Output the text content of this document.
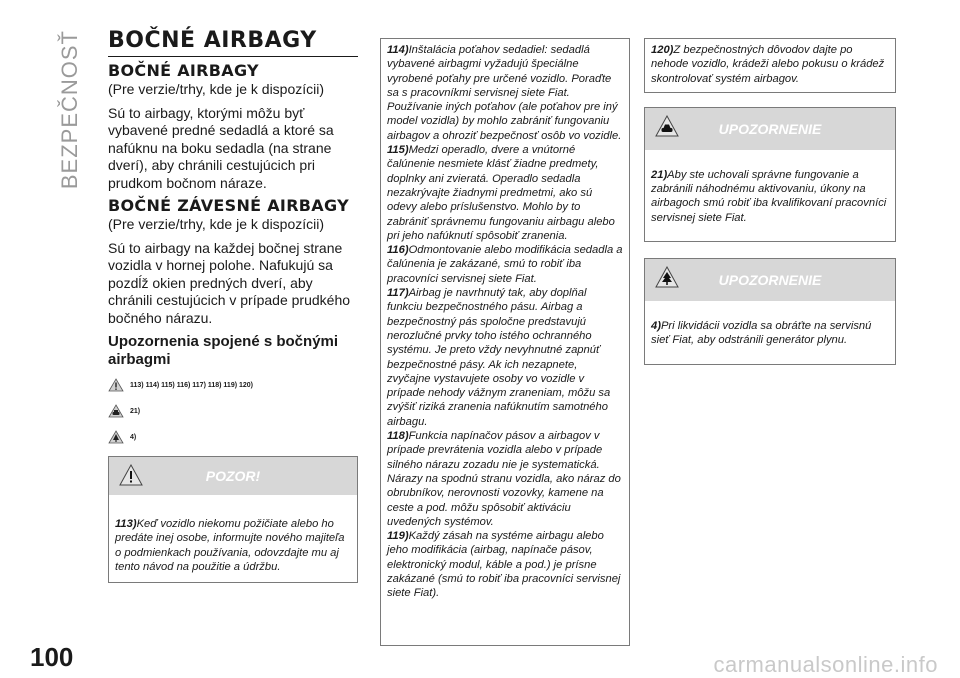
BEZPEČNOSŤ BOČNÉ AIRBAGY
BOČNÉ AIRBAGY

(Pre verzie/trhy, kde je k dispozícii)

Sú to airbagy, ktorými môžu byť vybavené predné sedadlá a ktoré sa nafúknu na boku sedadla (na strane dverí), aby chránili cestujúcich pri prudkom bočnom náraze.

BOČNÉ ZÁVESNÉ AIRBAGY

(Pre verzie/trhy, kde je k dispozícii)

Sú to airbagy na každej bočnej strane vozidla v hornej polohe. Nafukujú sa pozdĺž okien predných dverí, aby chránili cestujúcich v prípade prudkého bočného nárazu.

Upozornenia spojené s bočnými airbagmi
113) 114) 115) 116) 117) 118) 119) 120)
21)
4)
POZOR!
113)Keď vozidlo niekomu požičiate alebo ho predáte inej osobe, informujte nového majiteľa o podmienkach používania, odovzdajte mu aj tento návod na použitie a údržbu.
114)Inštalácia poťahov sedadiel: sedadlá vybavené airbagmi vyžadujú špeciálne vyrobené poťahy pre určené vozidlo. Poraďte sa s pracovníkmi servisnej siete Fiat. Používanie iných poťahov (ale poťahov pre iný model vozidla) by mohlo zabrániť fungovaniu airbagov a ohroziť bezpečnosť osôb vo vozidle.
115)Medzi operadlo, dvere a vnútorné čalúnenie nesmiete klásť žiadne predmety, doplnky ani zvieratá. Operadlo sedadla nezakrývajte žiadnymi predmetmi, ako sú odevy alebo príslušenstvo. Mohlo by to zabrániť správnemu fungovaniu airbagu alebo pri jeho nafúknutí spôsobiť zranenia.
116)Odmontovanie alebo modifikácia sedadla a čalúnenia je zakázané, smú to robiť iba pracovníci servisnej siete Fiat.
117)Airbag je navrhnutý tak, aby doplňal funkciu bezpečnostného pásu. Airbag a bezpečnostný pás spoločne predstavujú nerozlučné prvky toho istého ochranného systému. Je preto vždy nevyhnutné zapnúť bezpečnostné pásy. Ak ich nezapnete, zvyčajne vystavujete osoby vo vozidle v prípade nehody vážnym zraneniam, môžu sa zvýšiť riziká zranenia nafúknutím samotného airbagu.
118)Funkcia napínačov pásov a airbagov v prípade prevrátenia vozidla alebo v prípade silného nárazu zozadu nie je systematická. Nárazy na spodnú stranu vozidla, ako náraz do obrubníkov, nerovnosti vozovky, kamene na ceste a pod. môžu spôsobiť aktiváciu uvedených systémov.
119)Každý zásah na systéme airbagu alebo jeho modifikácia (airbag, napínače pásov, elektronický modul, káble a pod.) je prísne zakázané (smú to robiť iba pracovníci servisnej siete Fiat).
120)Z bezpečnostných dôvodov dajte po nehode vozidlo, krádeži alebo pokusu o krádež skontrolovať systém airbagov.
UPOZORNENIE
21)Aby ste uchovali správne fungovanie a zabránili náhodnému aktivovaniu, úkony na airbagoch smú robiť iba kvalifikovaní pracovníci servisnej siete Fiat.
UPOZORNENIE
4)Pri likvidácii vozidla sa obráťte na servisnú sieť Fiat, aby odstránili generátor plynu.
100	carmanualsonline.info
